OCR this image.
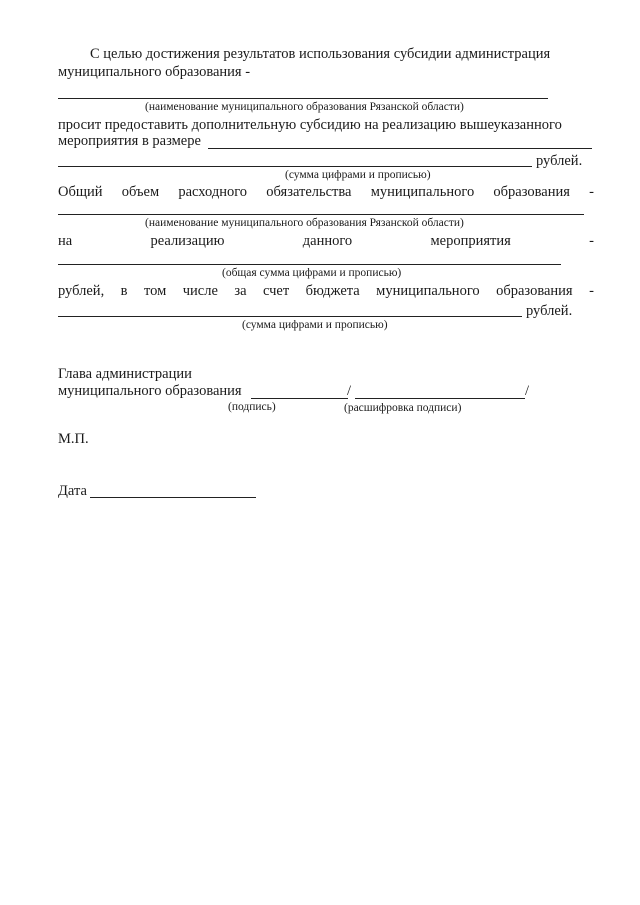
С целью достижения результатов использования субсидии администрация
муниципального образования -
(наименование муниципального образования Рязанской области)
просит предоставить дополнительную субсидию на реализацию вышеуказанного
мероприятия в размере
рублей.
(сумма цифрами и прописью)
Общий объем расходного обязательства муниципального образования -
(наименование муниципального образования Рязанской области)
на	реализацию	данного	мероприятия	-
(общая сумма цифрами и прописью)
рублей, в том числе за счет бюджета муниципального образования -
рублей.
(сумма цифрами и прописью)
Глава администрации
муниципального образования	/	/
(подпись)	(расшифровка подписи)
М.П.
Дата
